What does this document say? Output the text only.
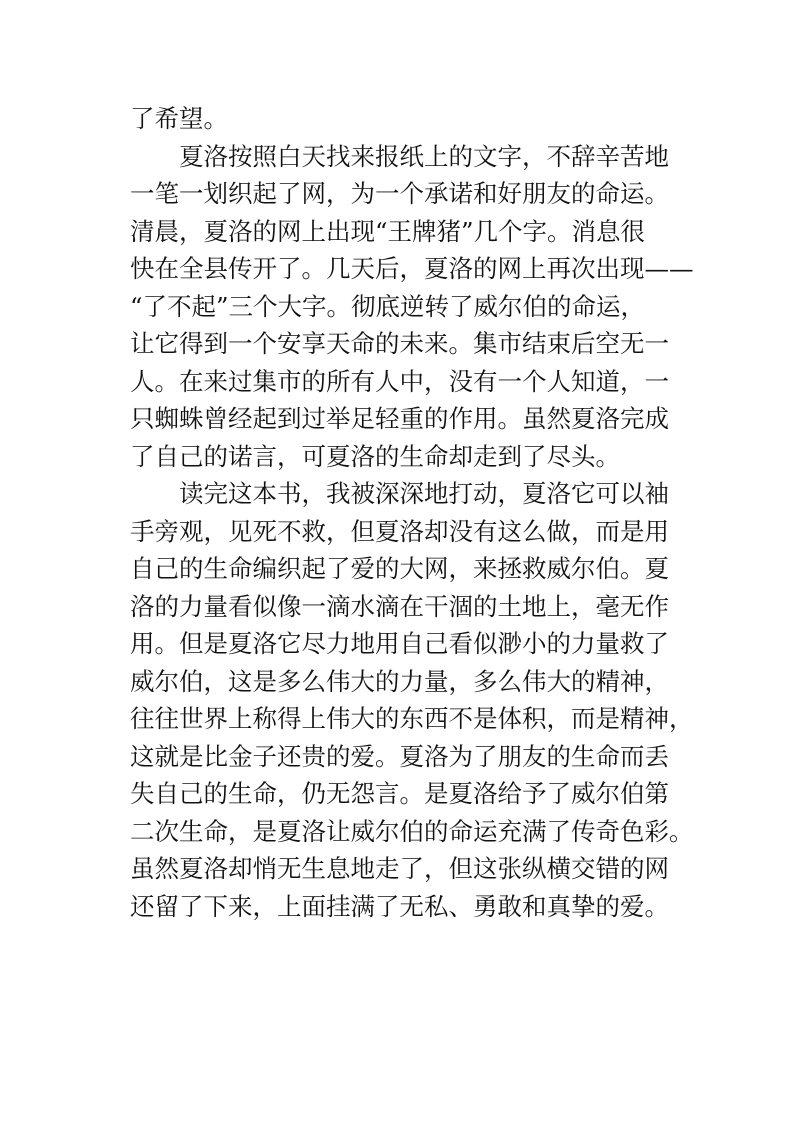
了希望。
　　夏洛按照白天找来报纸上的文字，不辞辛苦地
一笔一划织起了网，为一个承诺和好朋友的命运。
清晨，夏洛的网上出现“王牌猪”几个字。消息很
快在全县传开了。几天后，夏洛的网上再次出现——
“了不起”三个大字。彻底逆转了威尔伯的命运，
让它得到一个安享天命的未来。集市结束后空无一
人。在来过集市的所有人中，没有一个人知道，一
只蜘蛛曾经起到过举足轻重的作用。虽然夏洛完成
了自己的诺言，可夏洛的生命却走到了尽头。
　　读完这本书，我被深深地打动，夏洛它可以袖
手旁观，见死不救，但夏洛却没有这么做，而是用
自己的生命编织起了爱的大网，来拯救威尔伯。夏
洛的力量看似像一滴水滴在干涸的土地上，毫无作
用。但是夏洛它尽力地用自己看似渺小的力量救了
威尔伯，这是多么伟大的力量，多么伟大的精神，
往往世界上称得上伟大的东西不是体积，而是精神，
这就是比金子还贵的爱。夏洛为了朋友的生命而丢
失自己的生命，仍无怨言。是夏洛给予了威尔伯第
二次生命，是夏洛让威尔伯的命运充满了传奇色彩。
虽然夏洛却悄无生息地走了，但这张纵横交错的网
还留了下来，上面挂满了无私、勇敢和真挚的爱。
